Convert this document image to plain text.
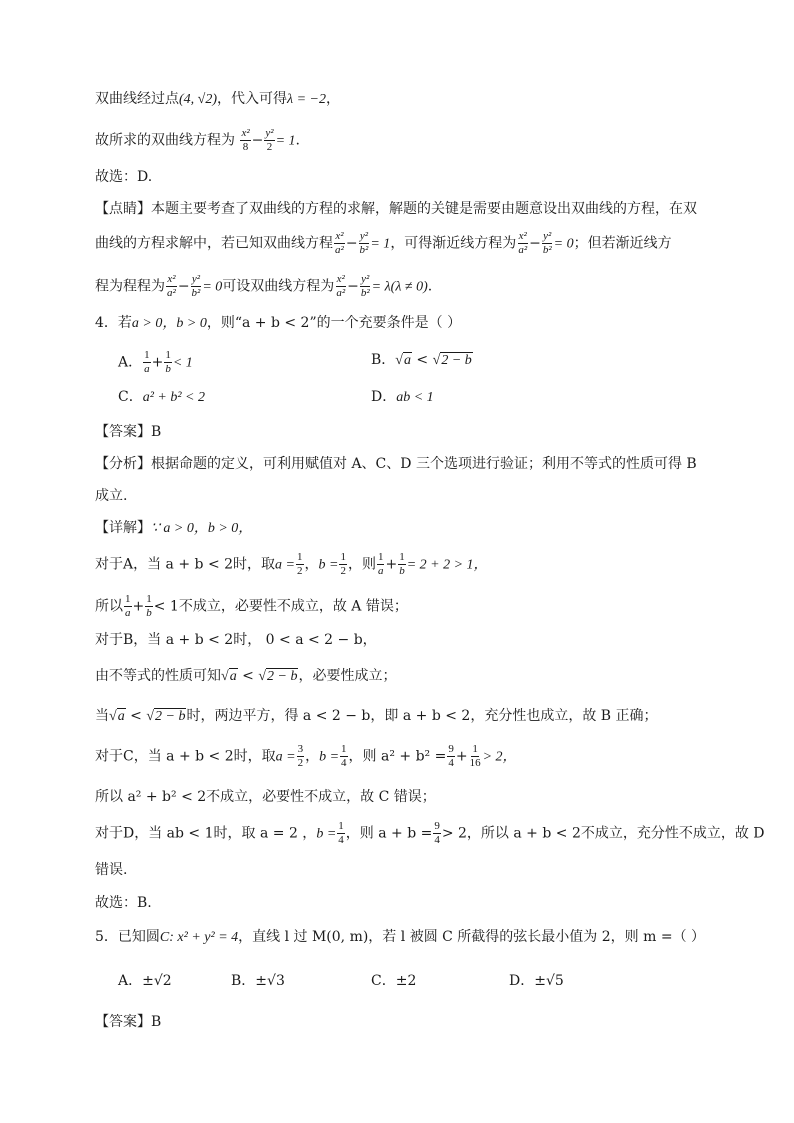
双曲线经过点(4, √2)，代入可得λ = −2，
故所求的双曲线方程为 $\frac{\text{x²}}{8} - \frac{\text{y²}}{2} = 1$.
故选：D.
【点睛】本题主要考查了双曲线的方程的求解，解题的关键是需要由题意设出双曲线的方程，在双
曲线的方程求解中，若已知双曲线方程 $\frac{\text{x²}}{\text{a²}} - \frac{\text{y²}}{\text{b²}} = 1$，可得渐近线方程为 $\frac{\text{x²}}{\text{a²}} - \frac{\text{y²}}{\text{b²}} = 0$；但若渐近线方
程为程程为 $\frac{\text{x²}}{\text{a²}} - \frac{\text{y²}}{\text{b²}} = 0$可设双曲线方程为 $\frac{\text{x²}}{\text{a²}} - \frac{\text{y²}}{\text{b²}} = \lambda(\lambda \ne 0)$.
4．若a > 0，b > 0，则“a + b < 2”的一个充要条件是（ ）
A． $\frac{1}{a} + \frac{1}{b} < 1$	B．√a < √2 − b
C．a² + b² < 2	D．ab < 1
【答案】B
【分析】根据命题的定义，可利用赋值对 A、C、D 三个选项进行验证；利用不等式的性质可得 B
成立.
【详解】∵ a > 0，b > 0，
对于A，当 a + b < 2时，取$a = \frac{1}{2}$ ，$b = \frac{1}{2}$ ，则 $\frac{1}{a} + \frac{1}{b} = 2 + 2 > 1$，
所以 $\frac{1}{a} + \frac{1}{b} < 1$不成立，必要性不成立，故 A 错误；
对于B，当 a + b < 2时， 0 < a < 2 − b，
由不等式的性质可知√a < √2 − b，必要性成立；
当√a < √2 − b时，两边平方，得 a < 2 − b，即 a + b < 2，充分性也成立，故 B 正确；
对于C，当 a + b < 2时，取$a = \frac{3}{2}$ ，$b = \frac{1}{4}$ ，则 $a^2 + b^2 = \frac{9}{4} + \frac{1}{16} > 2$，
所以 a² + b² < 2不成立，必要性不成立，故 C 错误；
对于D，当 ab < 1时，取 a = 2 ，$b = \frac{1}{4}$ ，则 $a + b = \frac{9}{4} > 2$，所以 a + b < 2不成立，充分性不成立，故 D
错误.
故选：B.
5．已知圆C: x² + y² = 4，直线 l 过 M(0, m)，若 l 被圆 C 所截得的弦长最小值为 2，则 m =（ ）
A．±√2	B．±√3	C．±2	D．±√5
【答案】B
